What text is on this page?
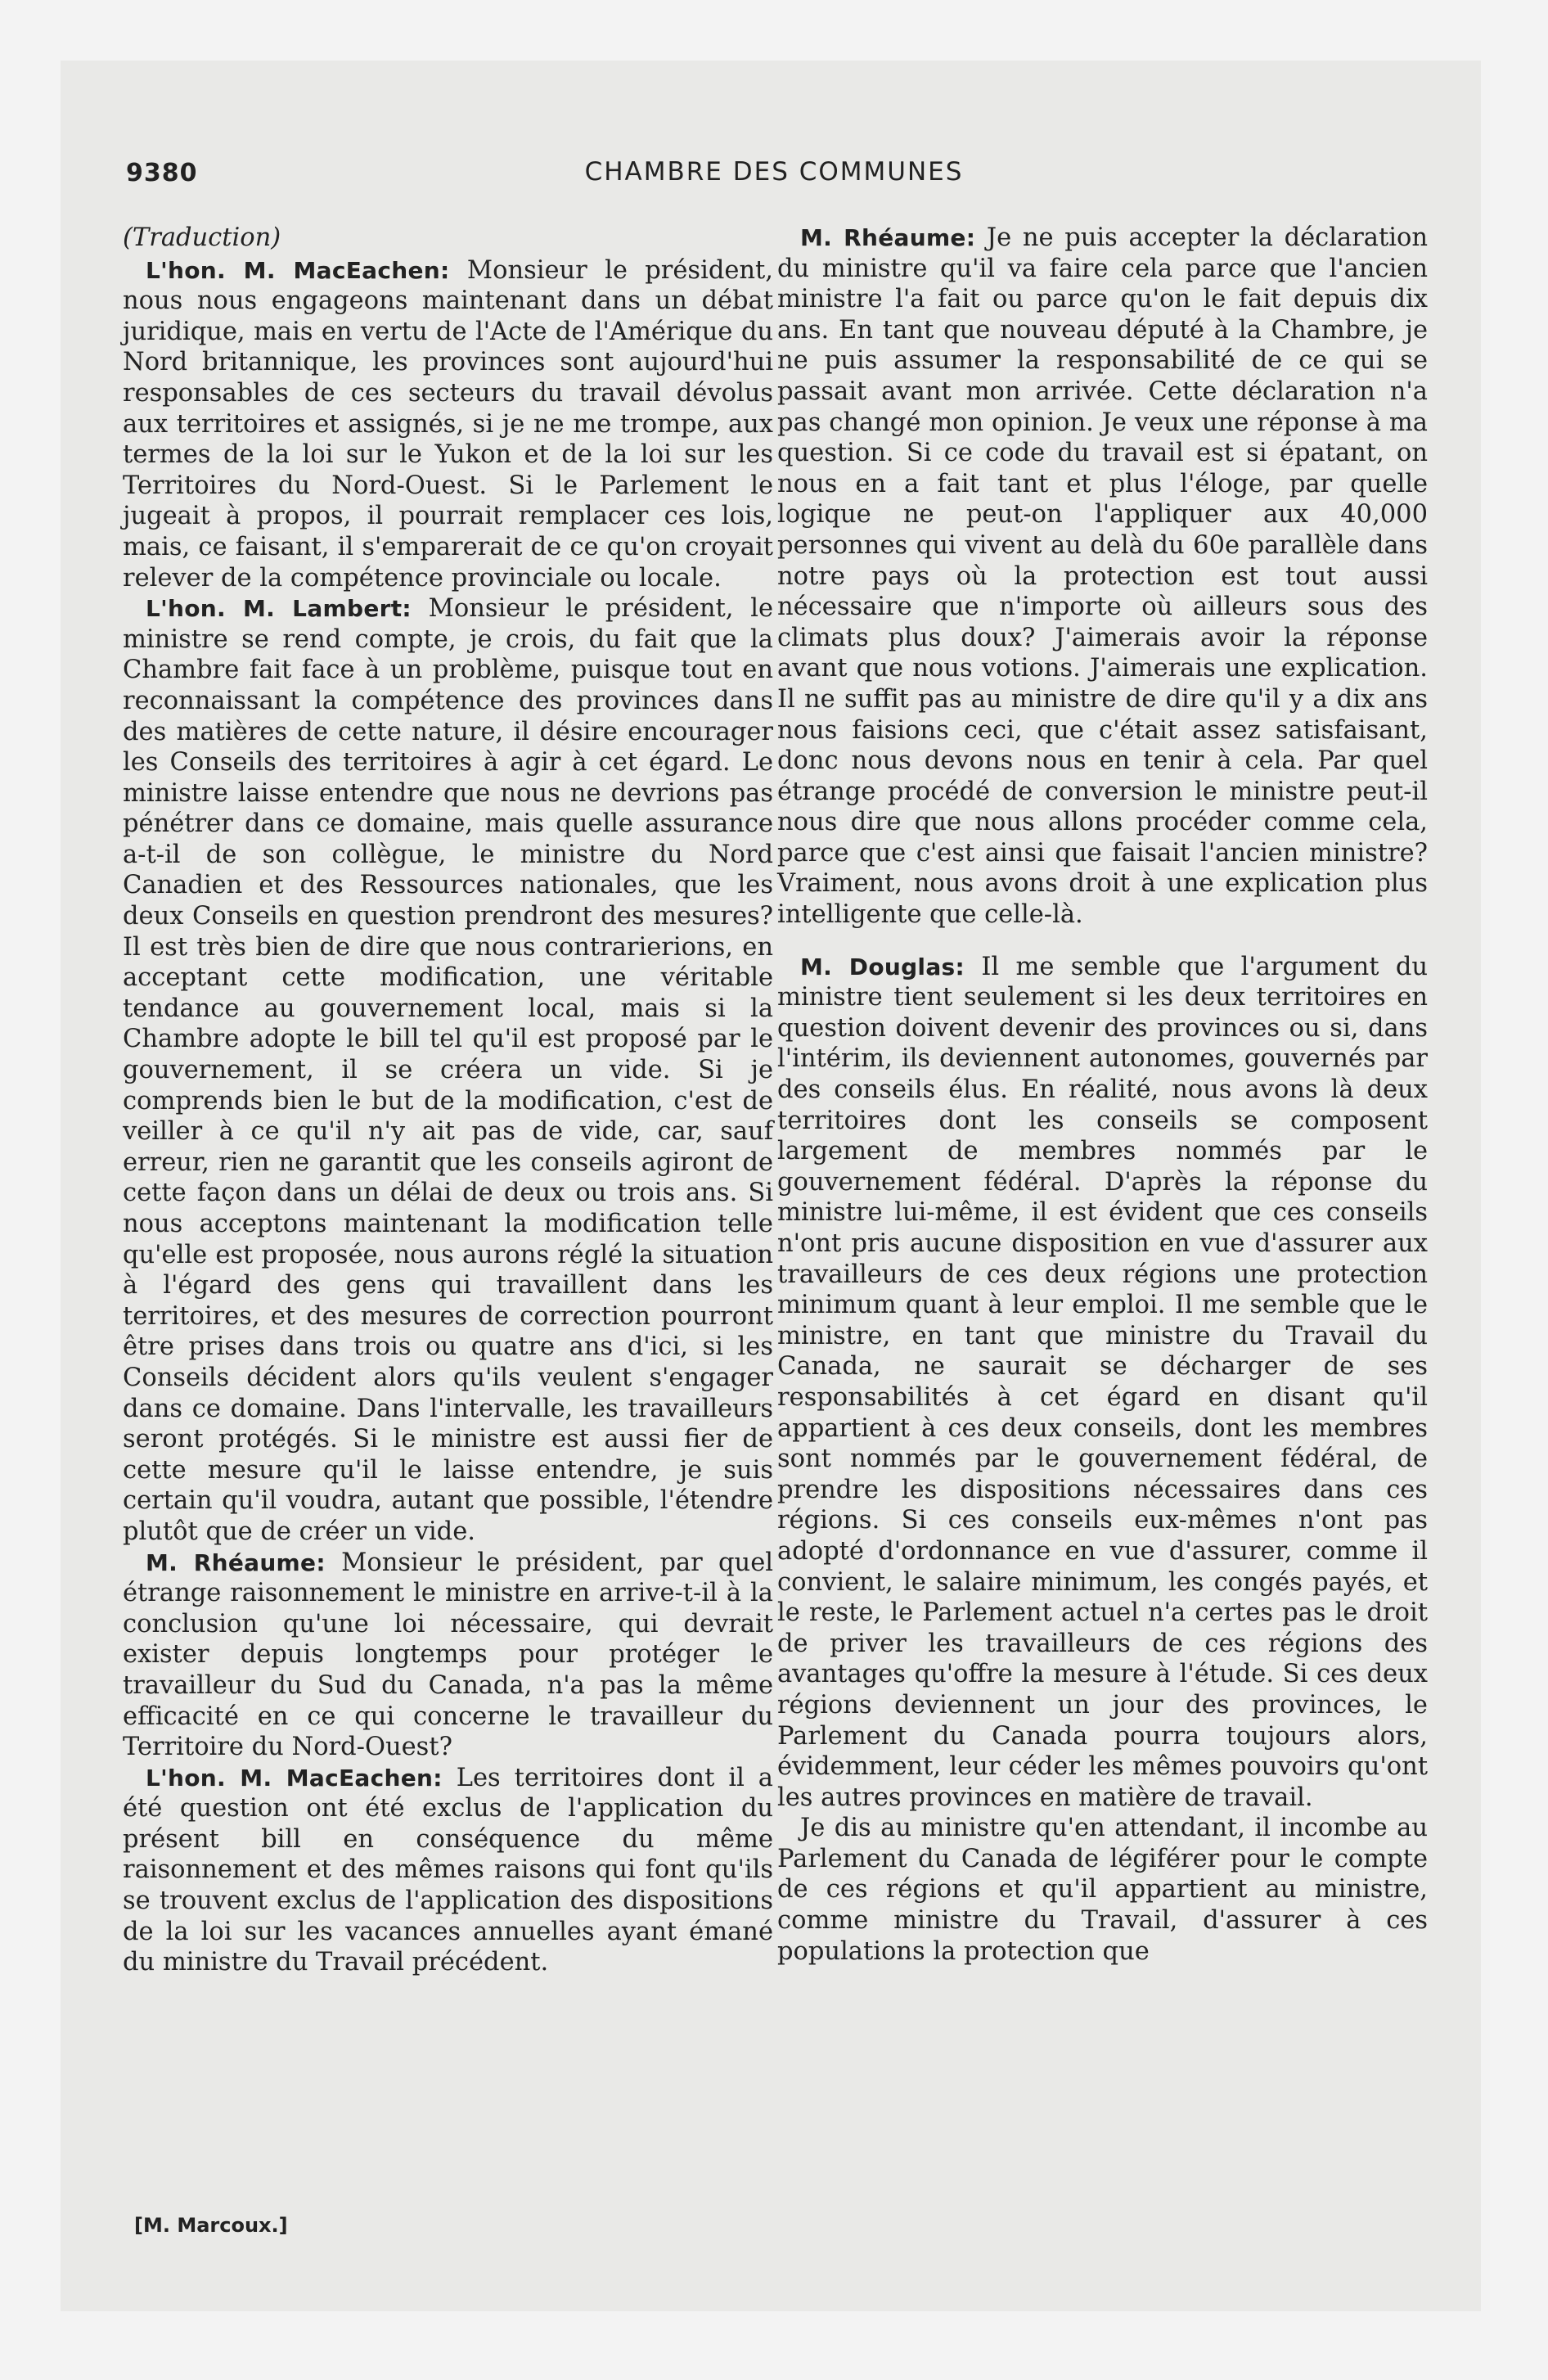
9380	CHAMBRE DES COMMUNES
(Traduction)

L'hon. M. MacEachen: Monsieur le président, nous nous engageons maintenant dans un débat juridique, mais en vertu de l'Acte de l'Amérique du Nord britannique, les provinces sont aujourd'hui responsables de ces secteurs du travail dévolus aux territoires et assignés, si je ne me trompe, aux termes de la loi sur le Yukon et de la loi sur les Territoires du Nord-Ouest. Si le Parlement le jugeait à propos, il pourrait remplacer ces lois, mais, ce faisant, il s'emparerait de ce qu'on croyait relever de la compétence provinciale ou locale.

L'hon. M. Lambert: Monsieur le président, le ministre se rend compte, je crois, du fait que la Chambre fait face à un problème, puisque tout en reconnaissant la compétence des provinces dans des matières de cette nature, il désire encourager les Conseils des territoires à agir à cet égard. Le ministre laisse entendre que nous ne devrions pas pénétrer dans ce domaine, mais quelle assurance a-t-il de son collègue, le ministre du Nord Canadien et des Ressources nationales, que les deux Conseils en question prendront des mesures? Il est très bien de dire que nous contrarierions, en acceptant cette modification, une véritable tendance au gouvernement local, mais si la Chambre adopte le bill tel qu'il est proposé par le gouvernement, il se créera un vide. Si je comprends bien le but de la modification, c'est de veiller à ce qu'il n'y ait pas de vide, car, sauf erreur, rien ne garantit que les conseils agiront de cette façon dans un délai de deux ou trois ans. Si nous acceptons maintenant la modification telle qu'elle est proposée, nous aurons réglé la situation à l'égard des gens qui travaillent dans les territoires, et des mesures de correction pourront être prises dans trois ou quatre ans d'ici, si les Conseils décident alors qu'ils veulent s'engager dans ce domaine. Dans l'intervalle, les travailleurs seront protégés. Si le ministre est aussi fier de cette mesure qu'il le laisse entendre, je suis certain qu'il voudra, autant que possible, l'étendre plutôt que de créer un vide.

M. Rhéaume: Monsieur le président, par quel étrange raisonnement le ministre en arrive-t-il à la conclusion qu'une loi nécessaire, qui devrait exister depuis longtemps pour protéger le travailleur du Sud du Canada, n'a pas la même efficacité en ce qui concerne le travailleur du Territoire du Nord-Ouest?

L'hon. M. MacEachen: Les territoires dont il a été question ont été exclus de l'application du présent bill en conséquence du même raisonnement et des mêmes raisons qui font qu'ils se trouvent exclus de l'application des dispositions de la loi sur les vacances annuelles ayant émané du ministre du Travail précédent.

M. Rhéaume: Je ne puis accepter la déclaration du ministre qu'il va faire cela parce que l'ancien ministre l'a fait ou parce qu'on le fait depuis dix ans. En tant que nouveau député à la Chambre, je ne puis assumer la responsabilité de ce qui se passait avant mon arrivée. Cette déclaration n'a pas changé mon opinion. Je veux une réponse à ma question. Si ce code du travail est si épatant, on nous en a fait tant et plus l'éloge, par quelle logique ne peut-on l'appliquer aux 40,000 personnes qui vivent au delà du 60e parallèle dans notre pays où la protection est tout aussi nécessaire que n'importe où ailleurs sous des climats plus doux? J'aimerais avoir la réponse avant que nous votions. J'aimerais une explication. Il ne suffit pas au ministre de dire qu'il y a dix ans nous faisions ceci, que c'était assez satisfaisant, donc nous devons nous en tenir à cela. Par quel étrange procédé de conversion le ministre peut-il nous dire que nous allons procéder comme cela, parce que c'est ainsi que faisait l'ancien ministre? Vraiment, nous avons droit à une explication plus intelligente que celle-là.

M. Douglas: Il me semble que l'argument du ministre tient seulement si les deux territoires en question doivent devenir des provinces ou si, dans l'intérim, ils deviennent autonomes, gouvernés par des conseils élus. En réalité, nous avons là deux territoires dont les conseils se composent largement de membres nommés par le gouvernement fédéral. D'après la réponse du ministre lui-même, il est évident que ces conseils n'ont pris aucune disposition en vue d'assurer aux travailleurs de ces deux régions une protection minimum quant à leur emploi. Il me semble que le ministre, en tant que ministre du Travail du Canada, ne saurait se décharger de ses responsabilités à cet égard en disant qu'il appartient à ces deux conseils, dont les membres sont nommés par le gouvernement fédéral, de prendre les dispositions nécessaires dans ces régions. Si ces conseils eux-mêmes n'ont pas adopté d'ordonnance en vue d'assurer, comme il convient, le salaire minimum, les congés payés, et le reste, le Parlement actuel n'a certes pas le droit de priver les travailleurs de ces régions des avantages qu'offre la mesure à l'étude. Si ces deux régions deviennent un jour des provinces, le Parlement du Canada pourra toujours alors, évidemment, leur céder les mêmes pouvoirs qu'ont les autres provinces en matière de travail.

Je dis au ministre qu'en attendant, il incombe au Parlement du Canada de légiférer pour le compte de ces régions et qu'il appartient au ministre, comme ministre du Travail, d'assurer à ces populations la protection que

[M. Marcoux.]
